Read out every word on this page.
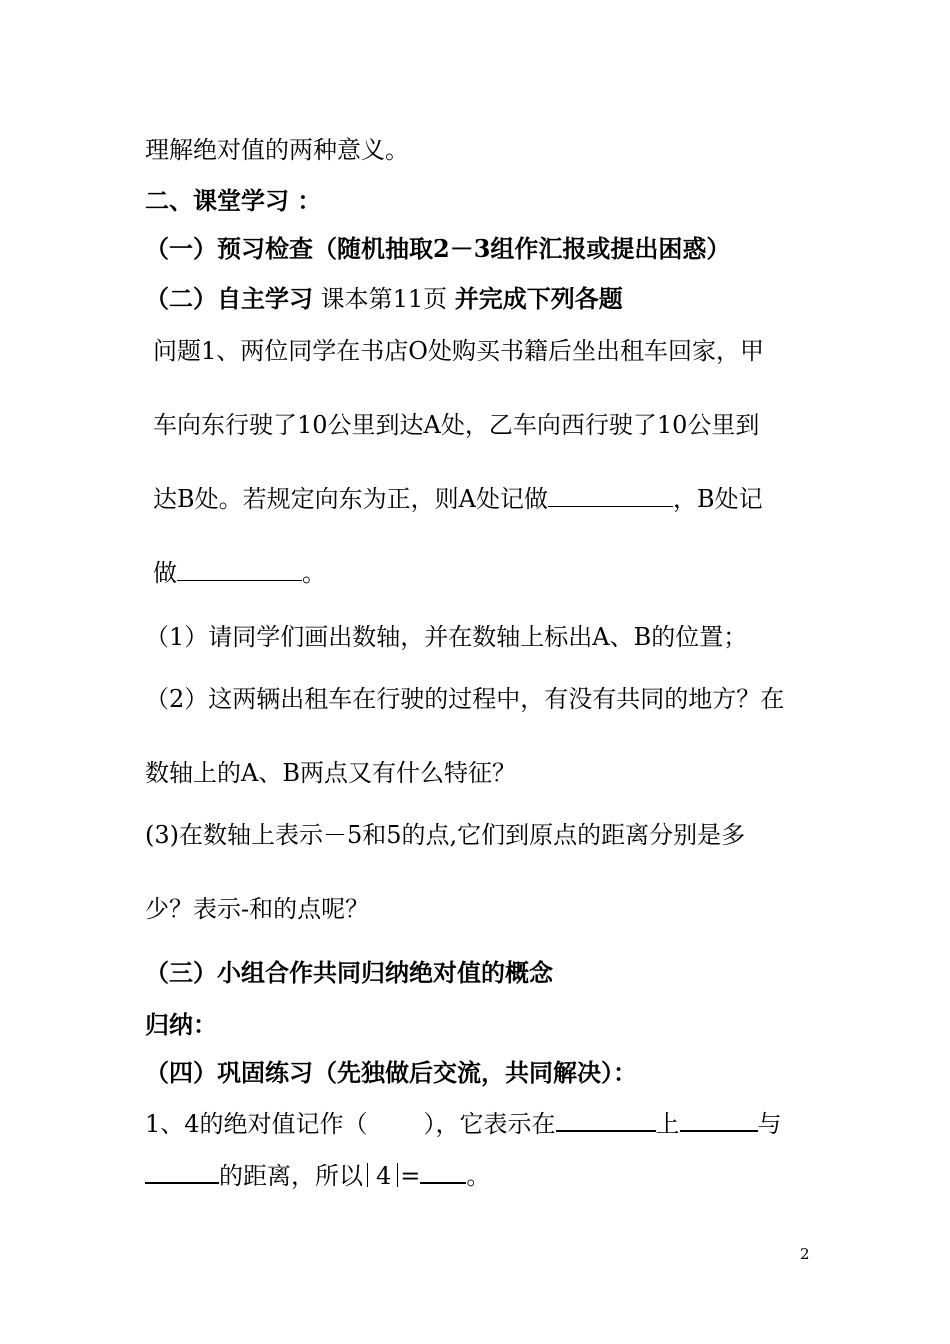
理解绝对值的两种意义。
二、课堂学习 ：
（一）预习检查（随机抽取2－3组作汇报或提出困惑）
（二）自主学习 课本第11页 并完成下列各题
问题1、两位同学在书店O处购买书籍后坐出租车回家，甲
车向东行驶了10公里到达A处，乙车向西行驶了10公里到
达B处。若规定向东为正，则A处记做	，B处记
做	。
（1）请同学们画出数轴，并在数轴上标出A、B的位置；
（2）这两辆出租车在行驶的过程中，有没有共同的地方？在
数轴上的A、B两点又有什么特征？
(3)在数轴上表示－5和5的点,它们到原点的距离分别是多
少？表示-和的点呢？
（三）小组合作共同归纳绝对值的概念
归纳：
（四）巩固练习（先独做后交流，共同解决）：
1、4的绝对值记作（ ），它表示在	上	与
的距离，所以 4 = 。
2
